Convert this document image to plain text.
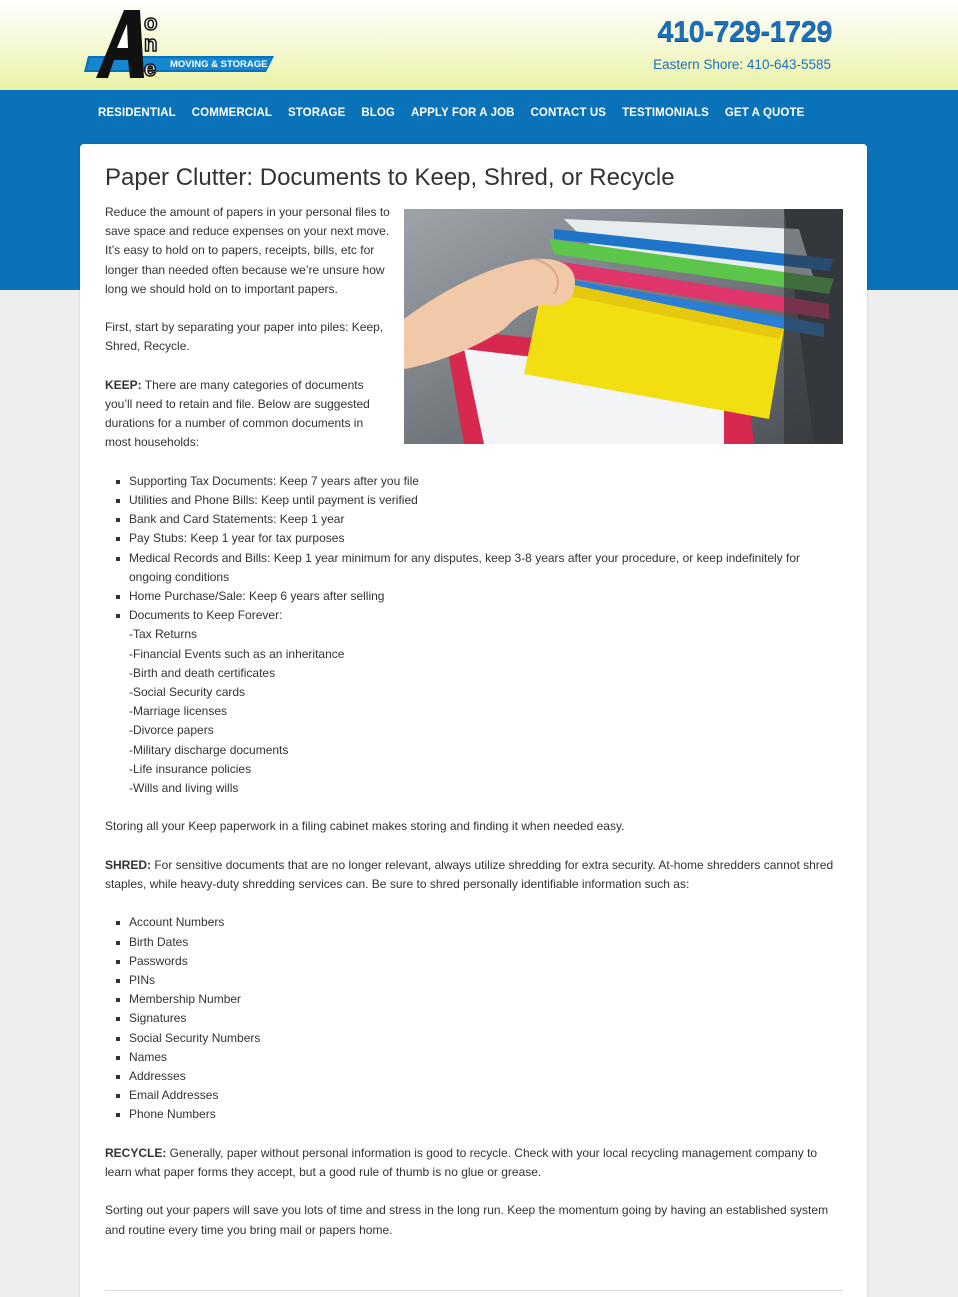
o
n
e MOVING & STORAGE
410-729-1729
Eastern Shore: 410-643-5585
RESIDENTIAL	COMMERCIAL	STORAGE	BLOG	APPLY FOR A JOB	CONTACT US	TESTIMONIALS	GET A QUOTE
Paper Clutter: Documents to Keep, Shred, or Recycle

Reduce the amount of papers in your personal files to save space and reduce expenses on your next move. It’s easy to hold on to papers, receipts, bills, etc for longer than needed often because we’re unsure how long we should hold on to important papers.

First, start by separating your paper into piles: Keep, Shred, Recycle.

KEEP: There are many categories of documents you’ll need to retain and file. Below are suggested durations for a number of common documents in most households:

Supporting Tax Documents: Keep 7 years after you file
Utilities and Phone Bills: Keep until payment is verified
Bank and Card Statements: Keep 1 year
Pay Stubs: Keep 1 year for tax purposes
Medical Records and Bills: Keep 1 year minimum for any disputes, keep 3-8 years after your procedure, or keep indefinitely for ongoing conditions
Home Purchase/Sale: Keep 6 years after selling
Documents to Keep Forever:
-Tax Returns
-Financial Events such as an inheritance
-Birth and death certificates
-Social Security cards
-Marriage licenses
-Divorce papers
-Military discharge documents
-Life insurance policies
-Wills and living wills

Storing all your Keep paperwork in a filing cabinet makes storing and finding it when needed easy.

SHRED: For sensitive documents that are no longer relevant, always utilize shredding for extra security. At-home shredders cannot shred staples, while heavy-duty shredding services can. Be sure to shred personally identifiable information such as:

Account Numbers
Birth Dates
Passwords
PINs
Membership Number
Signatures
Social Security Numbers
Names
Addresses
Email Addresses
Phone Numbers

RECYCLE: Generally, paper without personal information is good to recycle. Check with your local recycling management company to learn what paper forms they accept, but a good rule of thumb is no glue or grease.

Sorting out your papers will save you lots of time and stress in the long run. Keep the momentum going by having an established system and routine every time you bring mail or papers home.
